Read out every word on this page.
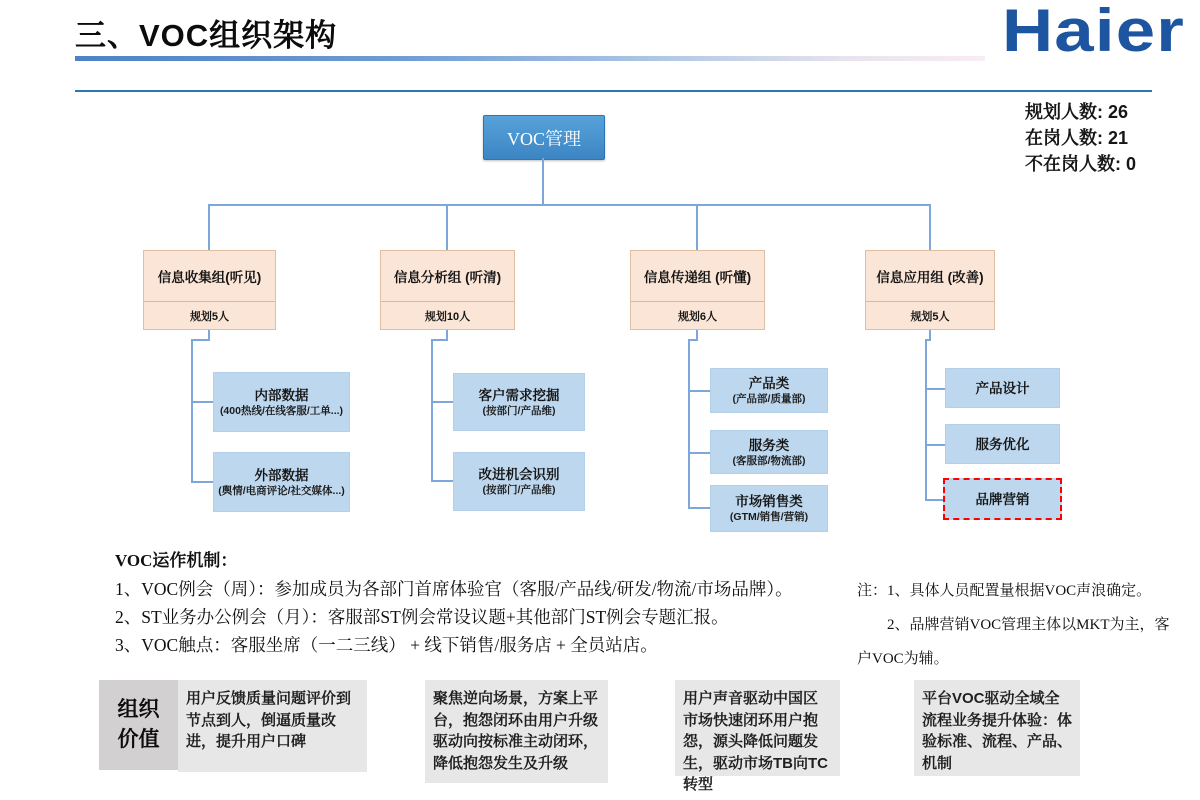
三、VOC组织架构	Haier
规划人数: 26
在岗人数: 21
不在岗人数: 0
VOC管理
信息收集组(听见)
规划5人
信息分析组 (听清)
规划10人
信息传递组 (听懂)
规划6人
信息应用组 (改善)
规划5人
内部数据
(400热线/在线客服/工单...)
外部数据
(舆情/电商评论/社交媒体...)
客户需求挖掘
(按部门/产品维)
改进机会识别
(按部门/产品维)
产品类
(产品部/质量部)
服务类
(客服部/物流部)
市场销售类
(GTM/销售/营销)
产品设计
服务优化
品牌营销
VOC运作机制：
1、VOC例会（周）：参加成员为各部门首席体验官（客服/产品线/研发/物流/市场品牌）。
2、ST业务办公例会（月）：客服部ST例会常设议题+其他部门ST例会专题汇报。
3、VOC触点：客服坐席（一二三线） + 线下销售/服务店 + 全员站店。
注：1、具体人员配置量根据VOC声浪确定。
2、品牌营销VOC管理主体以MKT为主，客
户VOC为辅。
组织价值
用户反馈质量问题评价到节点到人，倒逼质量改进，提升用户口碑
聚焦逆向场景，方案上平台，抱怨闭环由用户升级驱动向按标准主动闭环，降低抱怨发生及升级
用户声音驱动中国区市场快速闭环用户抱怨，源头降低问题发生，驱动市场TB向TC转型
平台VOC驱动全域全流程业务提升体验：体验标准、流程、产品、机制
